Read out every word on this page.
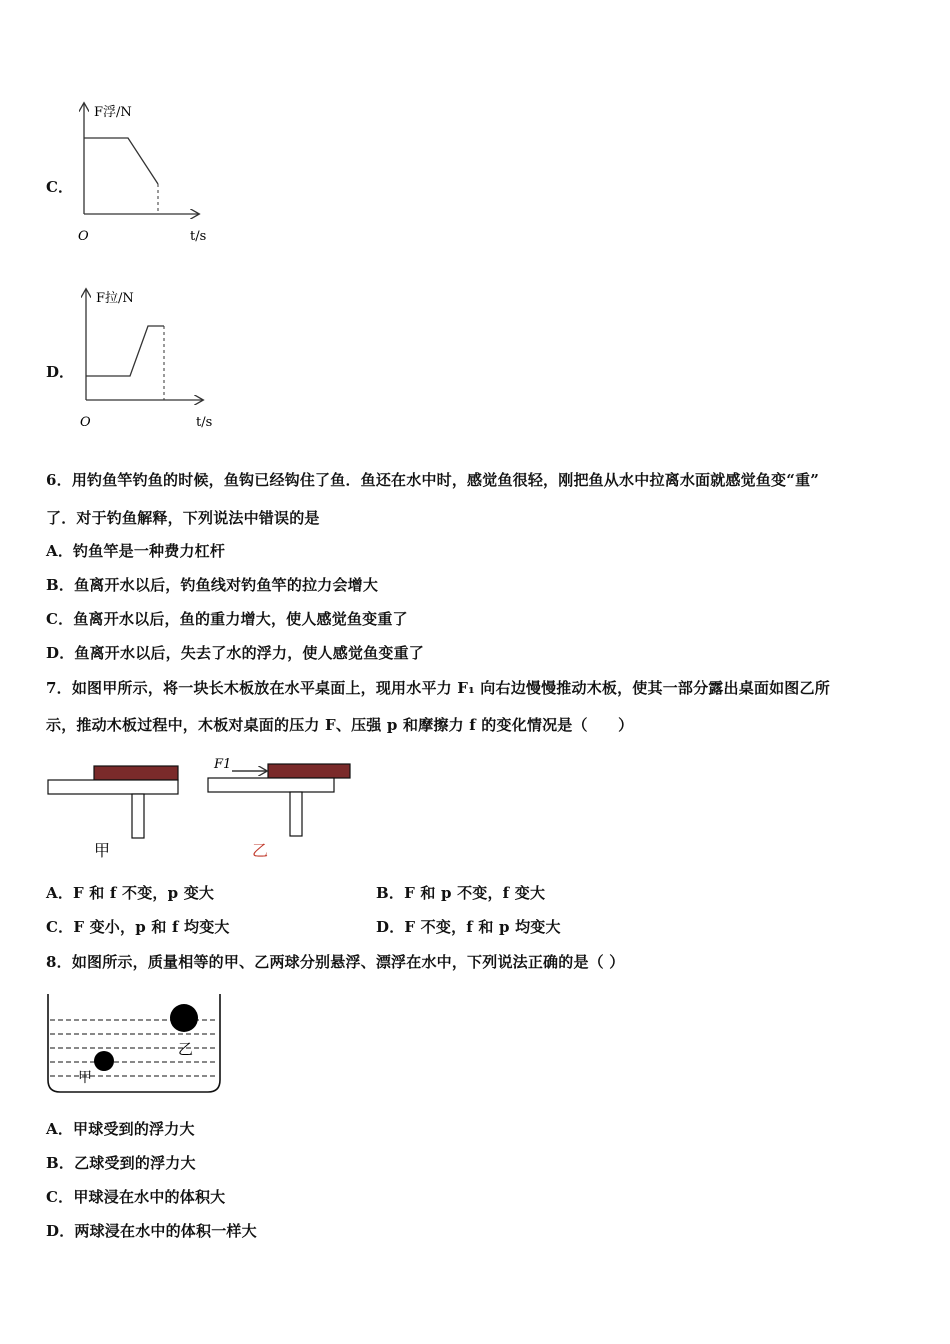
C．
F浮/N
O	t/s
D．
F拉/N
O	t/s
6．用钓鱼竿钓鱼的时候，鱼钩已经钩住了鱼．鱼还在水中时，感觉鱼很轻，刚把鱼从水中拉离水面就感觉鱼变“重”
了．对于钓鱼解释，下列说法中错误的是
A．钓鱼竿是一种费力杠杆
B．鱼离开水以后，钓鱼线对钓鱼竿的拉力会增大
C．鱼离开水以后，鱼的重力增大，使人感觉鱼变重了
D．鱼离开水以后，失去了水的浮力，使人感觉鱼变重了
7．如图甲所示，将一块长木板放在水平桌面上，现用水平力 F₁ 向右边慢慢推动木板，使其一部分露出桌面如图乙所
示，推动木板过程中，木板对桌面的压力 F、压强 p 和摩擦力 f 的变化情况是（　　）
甲
F1
乙
A．F 和 f 不变，p 变大	B．F 和 p 不变，f 变大
C．F 变小，p 和 f 均变大	D．F 不变，f 和 p 均变大
8．如图所示，质量相等的甲、乙两球分别悬浮、漂浮在水中，下列说法正确的是（ ）
乙
甲
A．甲球受到的浮力大
B．乙球受到的浮力大
C．甲球浸在水中的体积大
D．两球浸在水中的体积一样大
